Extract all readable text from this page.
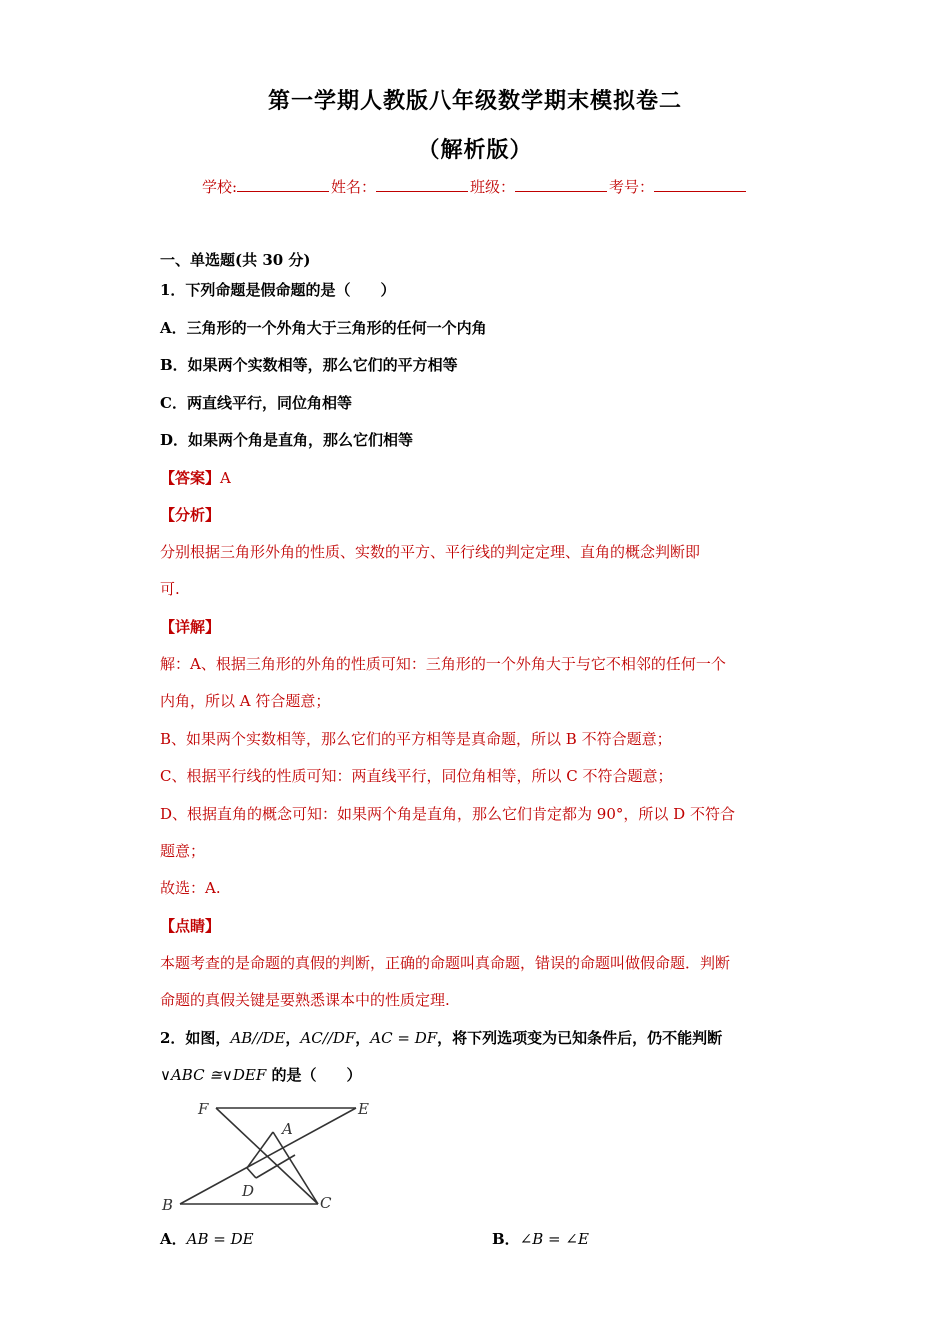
第一学期人教版八年级数学期末模拟卷二
（解析版）
学校:	姓名：	班级：	考号：
一、单选题(共 30 分)
1．下列命题是假命题的是（　　）
A．三角形的一个外角大于三角形的任何一个内角
B．如果两个实数相等，那么它们的平方相等
C．两直线平行，同位角相等
D．如果两个角是直角，那么它们相等
【答案】A
【分析】
分别根据三角形外角的性质、实数的平方、平行线的判定定理、直角的概念判断即
可.
【详解】
解：A、根据三角形的外角的性质可知：三角形的一个外角大于与它不相邻的任何一个
内角，所以 A 符合题意；
B、如果两个实数相等，那么它们的平方相等是真命题，所以 B 不符合题意；
C、根据平行线的性质可知：两直线平行，同位角相等，所以 C 不符合题意；
D、根据直角的概念可知：如果两个角是直角，那么它们肯定都为 90°，所以 D 不符合
题意；
故选：A.
【点睛】
本题考查的是命题的真假的判断，正确的命题叫真命题，错误的命题叫做假命题．判断
命题的真假关键是要熟悉课本中的性质定理.
2．如图，AB//DE，AC//DF，AC = DF，将下列选项变为已知条件后，仍不能判断
∨ABC ≅∨DEF 的是（　　）
F	E
A
D
B	C
A．AB = DE	B．∠B = ∠E
